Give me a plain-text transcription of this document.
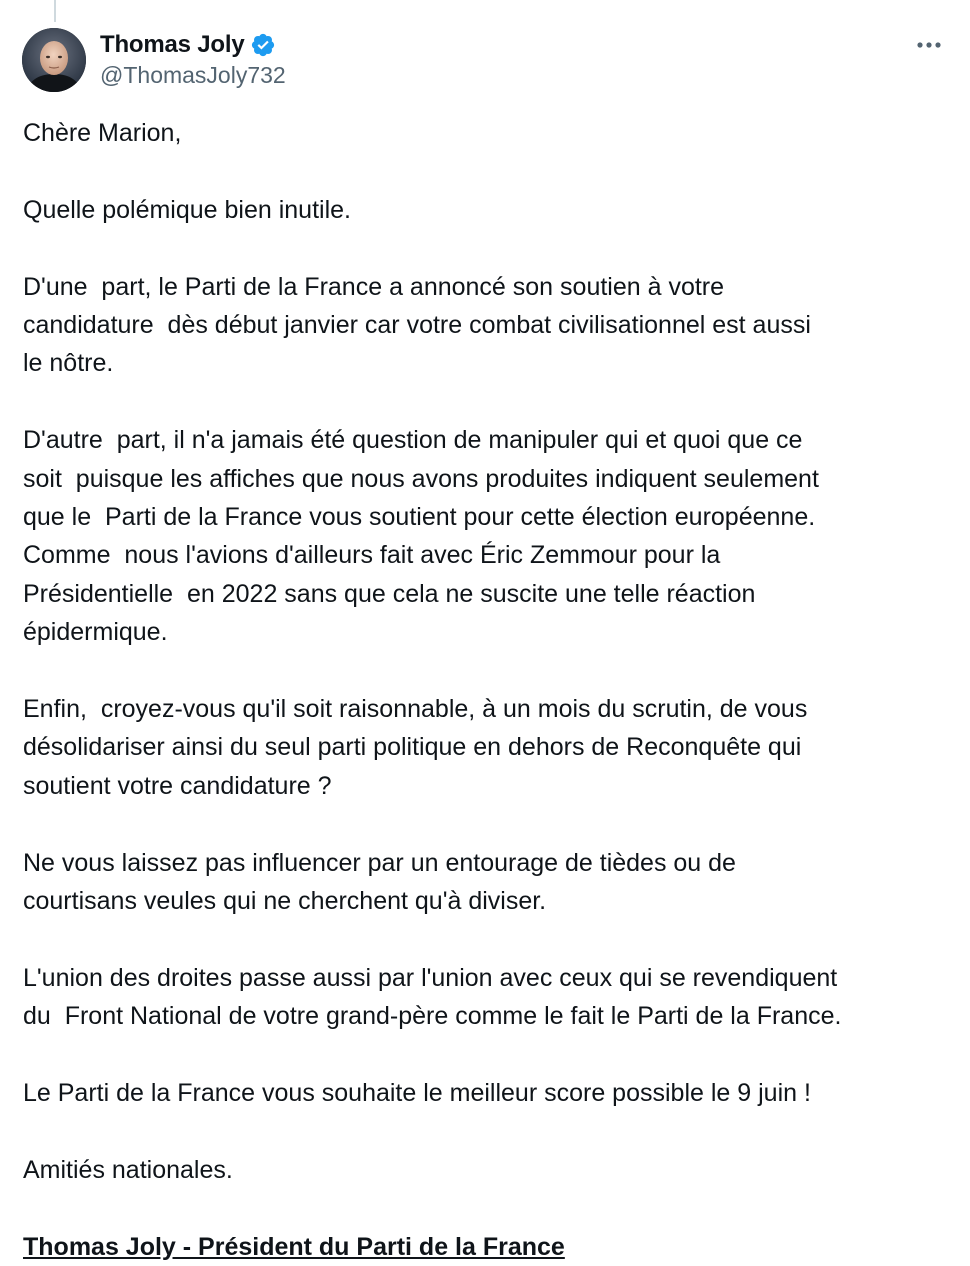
Thomas Joly
@ThomasJoly732

Chère Marion,

Quelle polémique bien inutile.

D'une  part, le Parti de la France a annoncé son soutien à votre

candidature  dès début janvier car votre combat civilisationnel est aussi

le nôtre.

D'autre  part, il n'a jamais été question de manipuler qui et quoi que ce

soit  puisque les affiches que nous avons produites indiquent seulement

que le  Parti de la France vous soutient pour cette élection européenne.

Comme  nous l'avions d'ailleurs fait avec Éric Zemmour pour la

Présidentielle  en 2022 sans que cela ne suscite une telle réaction

épidermique.

Enfin,  croyez-vous qu'il soit raisonnable, à un mois du scrutin, de vous

désolidariser ainsi du seul parti politique en dehors de Reconquête qui

soutient votre candidature ?

Ne vous laissez pas influencer par un entourage de tièdes ou de

courtisans veules qui ne cherchent qu'à diviser.

L'union des droites passe aussi par l'union avec ceux qui se revendiquent

du  Front National de votre grand-père comme le fait le Parti de la France.

Le Parti de la France vous souhaite le meilleur score possible le 9 juin !

Amitiés nationales.

Thomas Joly - Président du Parti de la France
